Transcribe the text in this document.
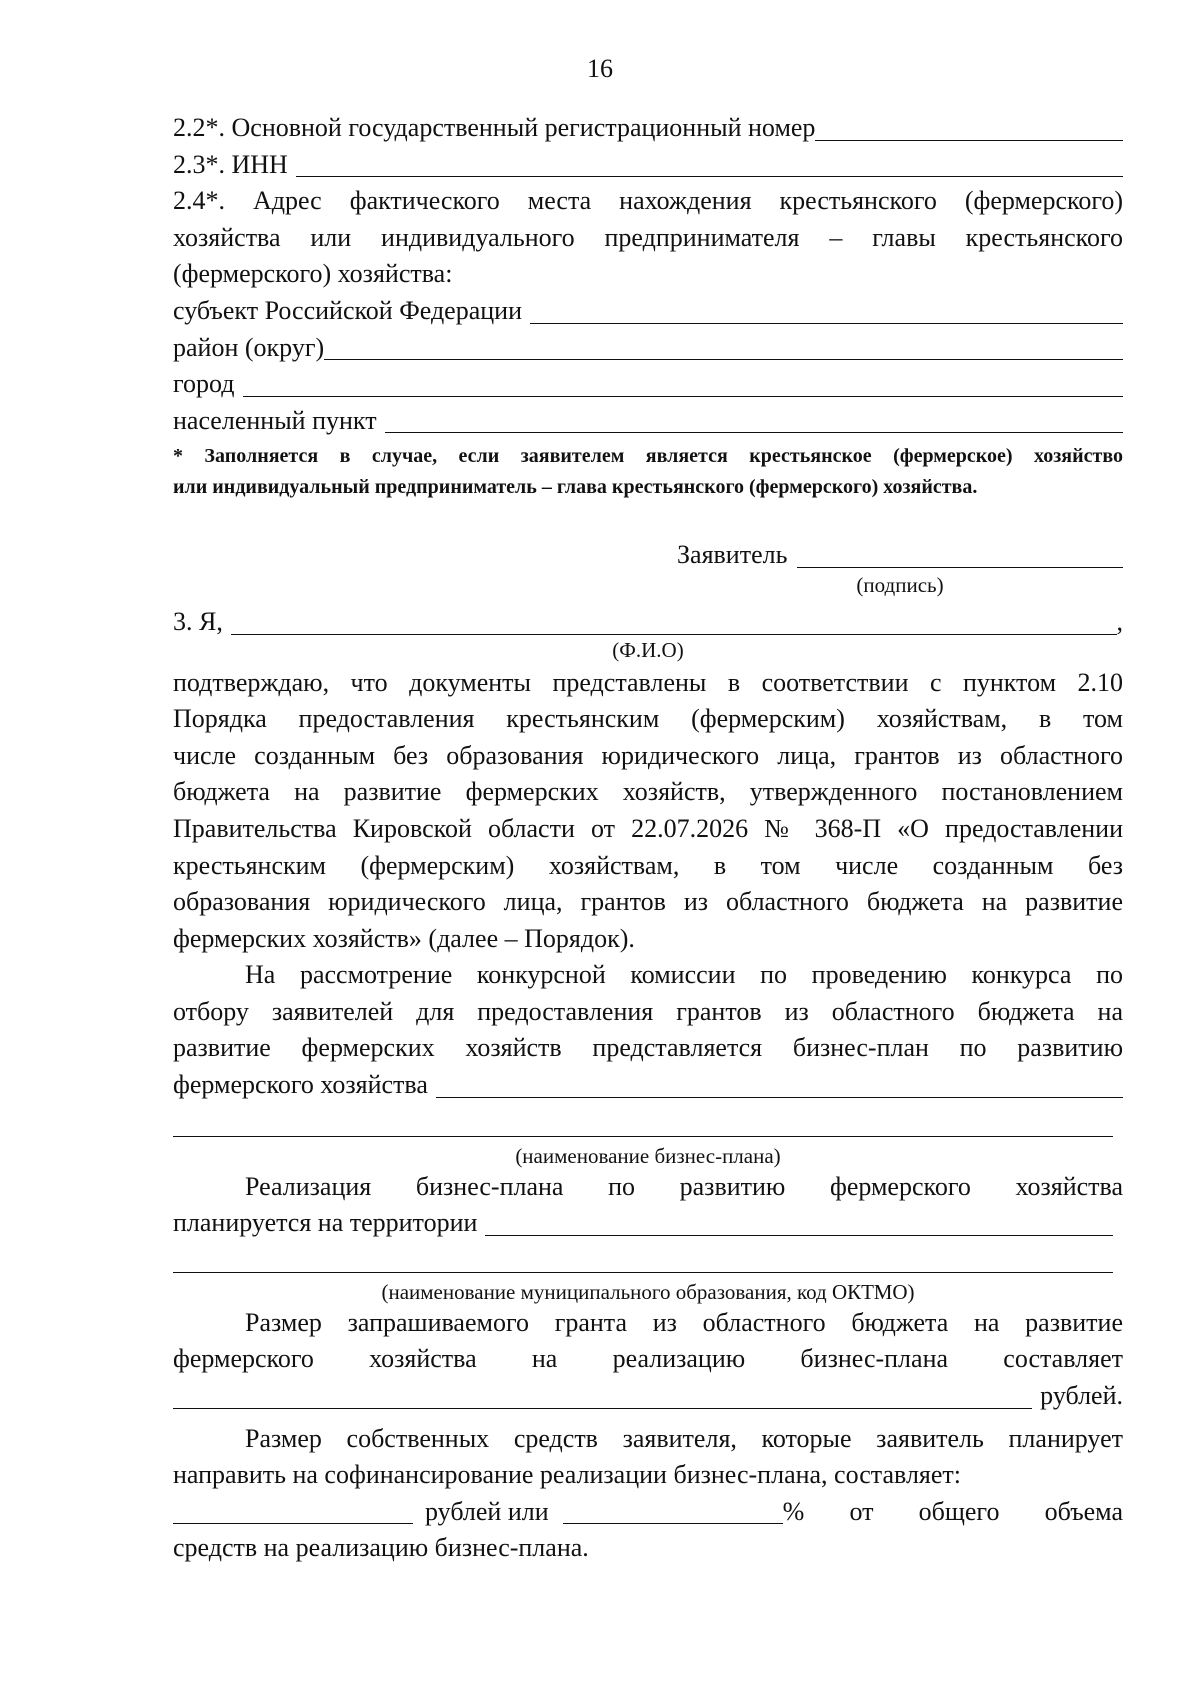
16
2.2*. Основной государственный регистрационный номер
2.3*. ИНН
2.4*. Адрес фактического места нахождения крестьянского (фермерского)
хозяйства или индивидуального предпринимателя – главы крестьянского
(фермерского) хозяйства:
субъект Российской Федерации
район (округ)
город
населенный пункт
* Заполняется в случае, если заявителем является крестьянское (фермерское) хозяйство
или индивидуальный предприниматель – глава крестьянского (фермерского) хозяйства.
Заявитель
(подпись)
3. Я,	,
(Ф.И.О)
подтверждаю, что документы представлены в соответствии с пунктом 2.10
Порядка предоставления крестьянским (фермерским) хозяйствам, в том
числе созданным без образования юридического лица, грантов из областного
бюджета на развитие фермерских хозяйств, утвержденного постановлением
Правительства Кировской области от 22.07.2026 № 368-П «О предоставлении
крестьянским (фермерским) хозяйствам, в том числе созданным без
образования юридического лица, грантов из областного бюджета на развитие
фермерских хозяйств» (далее – Порядок).
На рассмотрение конкурсной комиссии по проведению конкурса по
отбору заявителей для предоставления грантов из областного бюджета на
развитие фермерских хозяйств представляется бизнес-план по развитию
фермерского хозяйства
(наименование бизнес-плана)
Реализация бизнес-плана по развитию фермерского хозяйства
планируется на территории
(наименование муниципального образования, код ОКТМО)
Размер запрашиваемого гранта из областного бюджета на развитие
фермерского хозяйства на реализацию бизнес-плана составляет
рублей.
Размер собственных средств заявителя, которые заявитель планирует
направить на софинансирование реализации бизнес-плана, составляет:
рублей или	% от общего объема
средств на реализацию бизнес-плана.
